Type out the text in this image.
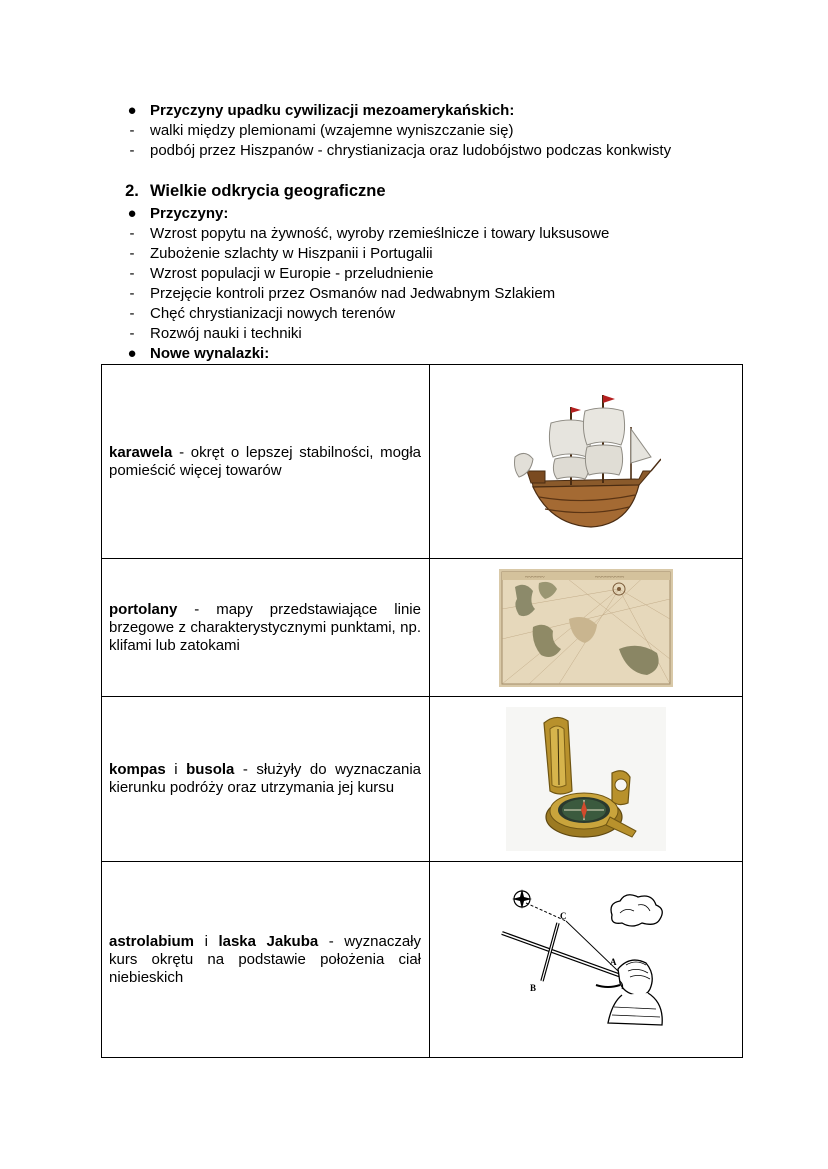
● Przyczyny upadku cywilizacji mezoamerykańskich:
-	walki między plemionami (wzajemne wyniszczanie się)
-	podbój przez Hiszpanów - chrystianizacja oraz ludobójstwo podczas konkwisty
2. Wielkie odkrycia geograficzne
● Przyczyny:
-	Wzrost popytu na żywność, wyroby rzemieślnicze i towary luksusowe
-	Zubożenie szlachty w Hiszpanii i Portugalii
-	Wzrost populacji w Europie - przeludnienie
-	Przejęcie kontroli przez Osmanów nad Jedwabnym Szlakiem
-	Chęć chrystianizacji nowych terenów
-	Rozwój nauki i techniki
● Nowe wynalazki:
karawela - okręt o lepszej stabilności, mogła pomieścić więcej towarów

portolany - mapy przedstawiające linie brzegowe z charakterystycznymi punktami, np. klifami lub zatokami	~~~~~~ ~~~~~~~~~

kompas i busola - służyły do wyznaczania kierunku podróży oraz utrzymania jej kursu

astrolabium i laska Jakuba - wyznaczały kurs okrętu na podstawie położenia ciał niebieskich	C
A
B
